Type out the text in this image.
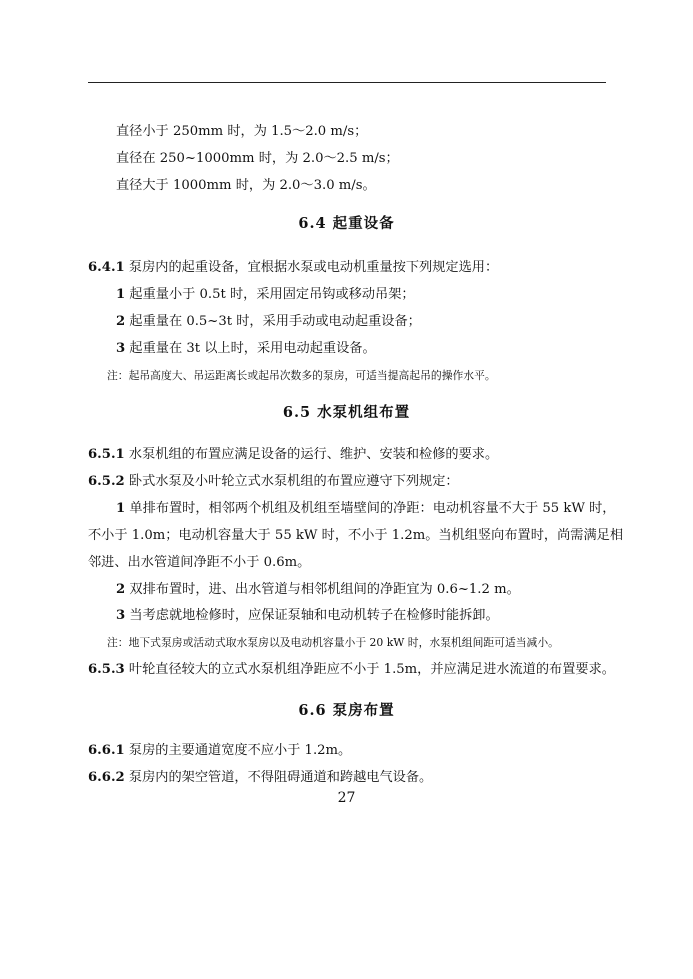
直径小于 250mm 时，为 1.5～2.0 m/s；
直径在 250~1000mm 时，为 2.0～2.5 m/s；
直径大于 1000mm 时，为 2.0～3.0 m/s。
6.4 起重设备
6.4.1 泵房内的起重设备，宜根据水泵或电动机重量按下列规定选用：
1 起重量小于 0.5t 时，采用固定吊钩或移动吊架；
2 起重量在 0.5~3t 时，采用手动或电动起重设备；
3 起重量在 3t 以上时，采用电动起重设备。
注：起吊高度大、吊运距离长或起吊次数多的泵房，可适当提高起吊的操作水平。
6.5 水泵机组布置
6.5.1 水泵机组的布置应满足设备的运行、维护、安装和检修的要求。
6.5.2 卧式水泵及小叶轮立式水泵机组的布置应遵守下列规定：
1 单排布置时，相邻两个机组及机组至墙壁间的净距：电动机容量不大于 55 kW 时，
不小于 1.0m；电动机容量大于 55 kW 时，不小于 1.2m。当机组竖向布置时，尚需满足相
邻进、出水管道间净距不小于 0.6m。
2 双排布置时，进、出水管道与相邻机组间的净距宜为 0.6~1.2 m。
3 当考虑就地检修时，应保证泵轴和电动机转子在检修时能拆卸。
注：地下式泵房或活动式取水泵房以及电动机容量小于 20 kW 时，水泵机组间距可适当减小。
6.5.3 叶轮直径较大的立式水泵机组净距应不小于 1.5m，并应满足进水流道的布置要求。
6.6 泵房布置
6.6.1 泵房的主要通道宽度不应小于 1.2m。
6.6.2 泵房内的架空管道，不得阻碍通道和跨越电气设备。
27
